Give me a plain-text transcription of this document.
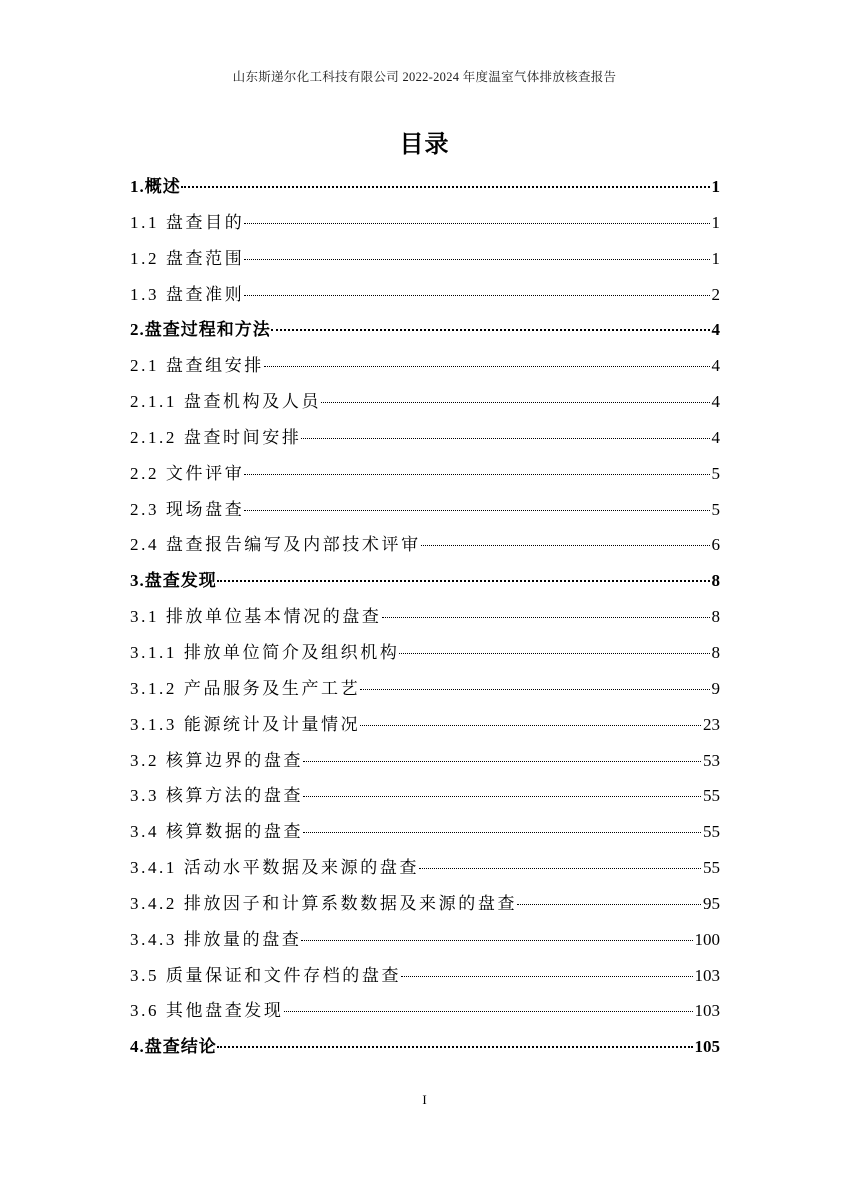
山东斯递尔化工科技有限公司 2022-2024 年度温室气体排放核查报告
目录
1.概述	1
1.1 盘查目的	1
1.2 盘查范围	1
1.3 盘查准则	2
2.盘查过程和方法	4
2.1 盘查组安排	4
2.1.1 盘查机构及人员	4
2.1.2 盘查时间安排	4
2.2 文件评审	5
2.3 现场盘查	5
2.4 盘查报告编写及内部技术评审	6
3.盘查发现	8
3.1 排放单位基本情况的盘查	8
3.1.1 排放单位简介及组织机构	8
3.1.2 产品服务及生产工艺	9
3.1.3 能源统计及计量情况	23
3.2 核算边界的盘查	53
3.3 核算方法的盘查	55
3.4 核算数据的盘查	55
3.4.1 活动水平数据及来源的盘查	55
3.4.2 排放因子和计算系数数据及来源的盘查	95
3.4.3 排放量的盘查	100
3.5 质量保证和文件存档的盘查	103
3.6 其他盘查发现	103
4.盘查结论	105
I
